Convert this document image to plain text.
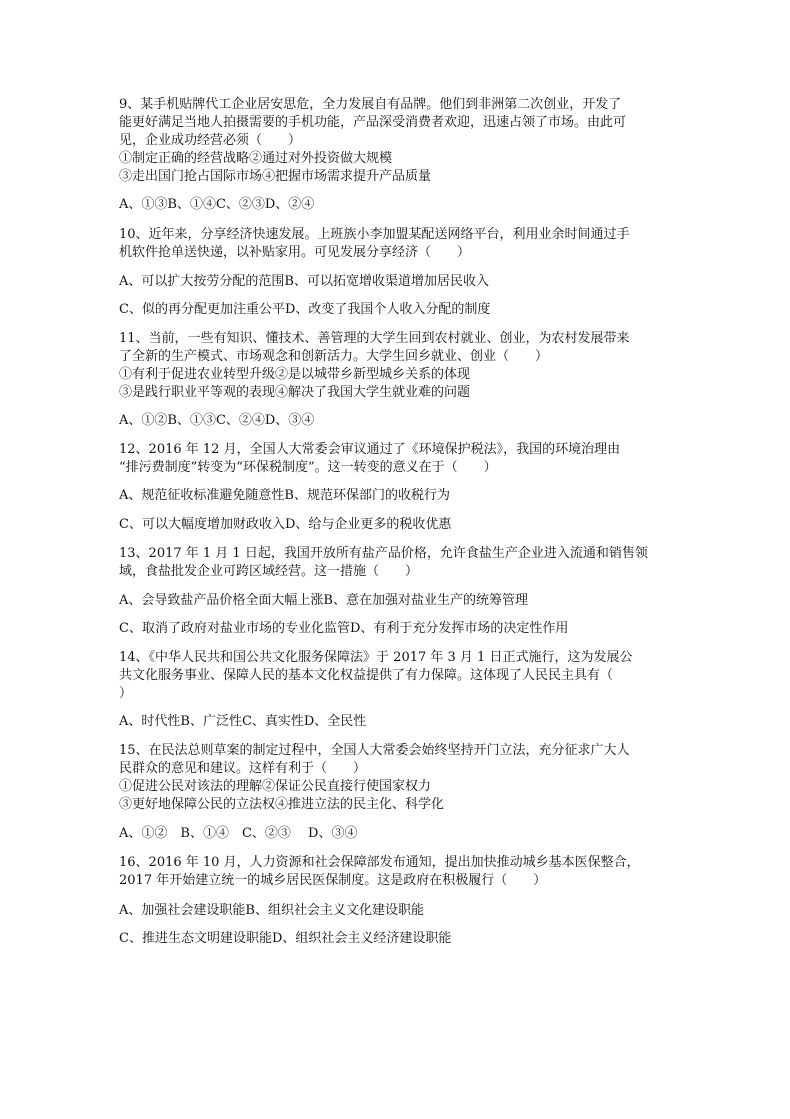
9、某手机贴牌代工企业居安思危，全力发展自有品牌。他们到非洲第二次创业，开发了
能更好满足当地人拍摄需要的手机功能，产品深受消费者欢迎，迅速占领了市场。由此可
见，企业成功经营必须（　　）
①制定正确的经营战略②通过对外投资做大规模
③走出国门抢占国际市场④把握市场需求提升产品质量
A、①③B、①④C、②③D、②④
10、近年来，分享经济快速发展。上班族小李加盟某配送网络平台，利用业余时间通过手
机软件抢单送快递，以补贴家用。可见发展分享经济（　　）
A、可以扩大按劳分配的范围B、可以拓宽增收渠道增加居民收入
C、似的再分配更加注重公平D、改变了我国个人收入分配的制度
11、当前，一些有知识、懂技术、善管理的大学生回到农村就业、创业，为农村发展带来
了全新的生产模式、市场观念和创新活力。大学生回乡就业、创业（　　）
①有利于促进农业转型升级②是以城带乡新型城乡关系的体现
③是践行职业平等观的表现④解决了我国大学生就业难的问题
A、①②B、①③C、②④D、③④
12、2016 年 12 月，全国人大常委会审议通过了《环境保护税法》，我国的环境治理由
“排污费制度”转变为“环保税制度”。这一转变的意义在于（　　）
A、规范征收标准避免随意性B、规范环保部门的收税行为
C、可以大幅度增加财政收入D、给与企业更多的税收优惠
13、2017 年 1 月 1 日起，我国开放所有盐产品价格，允许食盐生产企业进入流通和销售领
域，食盐批发企业可跨区域经营。这一措施（　　）
A、会导致盐产品价格全面大幅上涨B、意在加强对盐业生产的统筹管理
C、取消了政府对盐业市场的专业化监管D、有利于充分发挥市场的决定性作用
14、《中华人民共和国公共文化服务保障法》于 2017 年 3 月 1 日正式施行，这为发展公
共文化服务事业、保障人民的基本文化权益提供了有力保障。这体现了人民民主具有（
）
A、时代性B、广泛性C、真实性D、全民性
15、在民法总则草案的制定过程中，全国人大常委会始终坚持开门立法，充分征求广大人
民群众的意见和建议。这样有利于（　　）
①促进公民对该法的理解②保证公民直接行使国家权力
③更好地保障公民的立法权④推进立法的民主化、科学化
A、①②　B、①④　C、②③　 D、③④
16、2016 年 10 月，人力资源和社会保障部发布通知，提出加快推动城乡基本医保整合，
2017 年开始建立统一的城乡居民医保制度。这是政府在积极履行（　　）
A、加强社会建设职能B、组织社会主义文化建设职能
C、推进生态文明建设职能D、组织社会主义经济建设职能
